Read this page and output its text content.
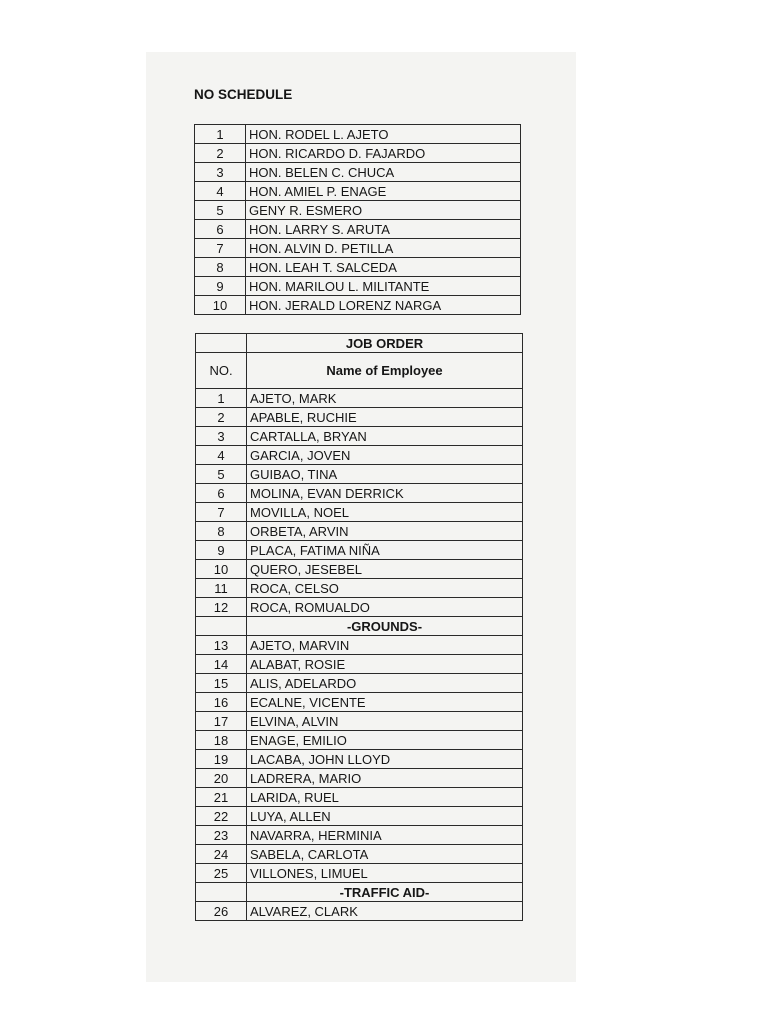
NO SCHEDULE
1	HON. RODEL L. AJETO
2	HON. RICARDO D. FAJARDO
3	HON. BELEN C. CHUCA
4	HON. AMIEL P. ENAGE
5	GENY R. ESMERO
6	HON. LARRY S. ARUTA
7	HON. ALVIN D. PETILLA
8	HON. LEAH T. SALCEDA
9	HON. MARILOU L. MILITANTE
10	HON. JERALD LORENZ NARGA
	JOB ORDER
NO.	Name of Employee
1	AJETO, MARK
2	APABLE, RUCHIE
3	CARTALLA, BRYAN
4	GARCIA, JOVEN
5	GUIBAO, TINA
6	MOLINA, EVAN DERRICK
7	MOVILLA, NOEL
8	ORBETA, ARVIN
9	PLACA, FATIMA NIÑA
10	QUERO, JESEBEL
11	ROCA, CELSO
12	ROCA, ROMUALDO
	-GROUNDS-
13	AJETO, MARVIN
14	ALABAT, ROSIE
15	ALIS, ADELARDO
16	ECALNE, VICENTE
17	ELVINA, ALVIN
18	ENAGE, EMILIO
19	LACABA, JOHN LLOYD
20	LADRERA, MARIO
21	LARIDA, RUEL
22	LUYA, ALLEN
23	NAVARRA, HERMINIA
24	SABELA, CARLOTA
25	VILLONES, LIMUEL
	-TRAFFIC AID-
26	ALVAREZ, CLARK
